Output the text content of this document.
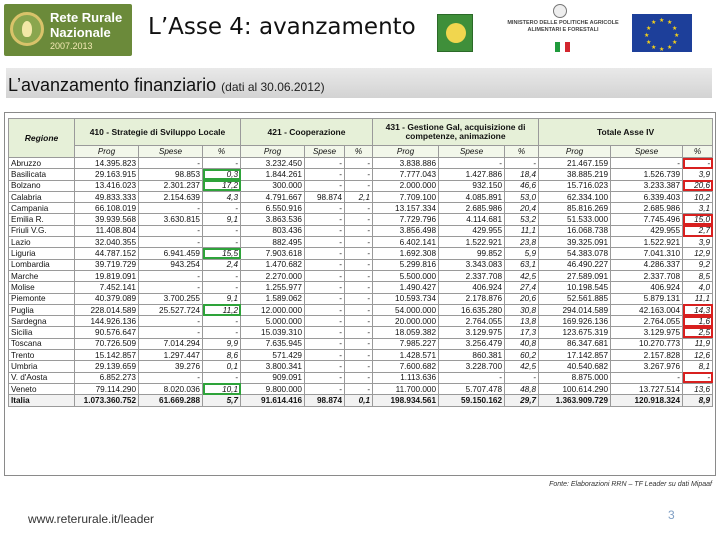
Rete Rurale
Nazionale
2007.2013
L’Asse 4: avanzamento	MINISTERO DELLE POLITICHE AGRICOLE
ALIMENTARI E FORESTALI
★ ★
★
★
★
★
★
★
★
★
★
★
L’avanzamento finanziario (dati al 30.06.2012)
Regione	410 - Strategie di Sviluppo Locale			421 - Cooperazione			431 - Gestione Gal, acquisizione di competenze, animazione			Totale Asse IV		
	Prog	Spese	%	Prog	Spese	%	Prog	Spese	%	Prog	Spese	%
Abruzzo	14.395.823	-	-	3.232.450	-	-	3.838.886	-	-	21.467.159	-	-
Basilicata	29.163.915	98.853	0,3	1.844.261	-	-	7.777.043	1.427.886	18,4	38.885.219	1.526.739	3,9
Bolzano	13.416.023	2.301.237	17,2	300.000	-	-	2.000.000	932.150	46,6	15.716.023	3.233.387	20,6
Calabria	49.833.333	2.154.639	4,3	4.791.667	98.874	2,1	7.709.100	4.085.891	53,0	62.334.100	6.339.403	10,2
Campania	66.108.019	-	-	6.550.916	-	-	13.157.334	2.685.986	20,4	85.816.269	2.685.986	3,1
Emilia R.	39.939.568	3.630.815	9,1	3.863.536	-	-	7.729.796	4.114.681	53,2	51.533.000	7.745.496	15,0
Friuli V.G.	11.408.804	-	-	803.436	-	-	3.856.498	429.955	11,1	16.068.738	429.955	2,7
Lazio	32.040.355	-	-	882.495	-	-	6.402.141	1.522.921	23,8	39.325.091	1.522.921	3,9
Liguria	44.787.152	6.941.459	15,5	7.903.618	-	-	1.692.308	99.852	5,9	54.383.078	7.041.310	12,9
Lombardia	39.719.729	943.254	2,4	1.470.682	-	-	5.299.816	3.343.083	63,1	46.490.227	4.286.337	9,2
Marche	19.819.091	-	-	2.270.000	-	-	5.500.000	2.337.708	42,5	27.589.091	2.337.708	8,5
Molise	7.452.141	-	-	1.255.977	-	-	1.490.427	406.924	27,4	10.198.545	406.924	4,0
Piemonte	40.379.089	3.700.255	9,1	1.589.062	-	-	10.593.734	2.178.876	20,6	52.561.885	5.879.131	11,1
Puglia	228.014.589	25.527.724	11,2	12.000.000	-	-	54.000.000	16.635.280	30,8	294.014.589	42.163.004	14,3
Sardegna	144.926.136	-	-	5.000.000	-	-	20.000.000	2.764.055	13,8	169.926.136	2.764.055	1,6
Sicilia	90.576.647	-	-	15.039.310	-	-	18.059.382	3.129.975	17,3	123.675.319	3.129.975	2,5
Toscana	70.726.509	7.014.294	9,9	7.635.945	-	-	7.985.227	3.256.479	40,8	86.347.681	10.270.773	11,9
Trento	15.142.857	1.297.447	8,6	571.429	-	-	1.428.571	860.381	60,2	17.142.857	2.157.828	12,6
Umbria	29.139.659	39.276	0,1	3.800.341	-	-	7.600.682	3.228.700	42,5	40.540.682	3.267.976	8,1
V. d'Aosta	6.852.273	-	-	909.091	-	-	1.113.636	-	-	8.875.000	-	-
Veneto	79.114.290	8.020.036	10,1	9.800.000	-	-	11.700.000	5.707.478	48,8	100.614.290	13.727.514	13,6
Italia	1.073.360.752	61.669.288	5,7	91.614.416	98.874	0,1	198.934.561	59.150.162	29,7	1.363.909.729	120.918.324	8,9
Fonte: Elaborazioni RRN – TF Leader su dati Mipaaf
www.reterurale.it/leader	3
